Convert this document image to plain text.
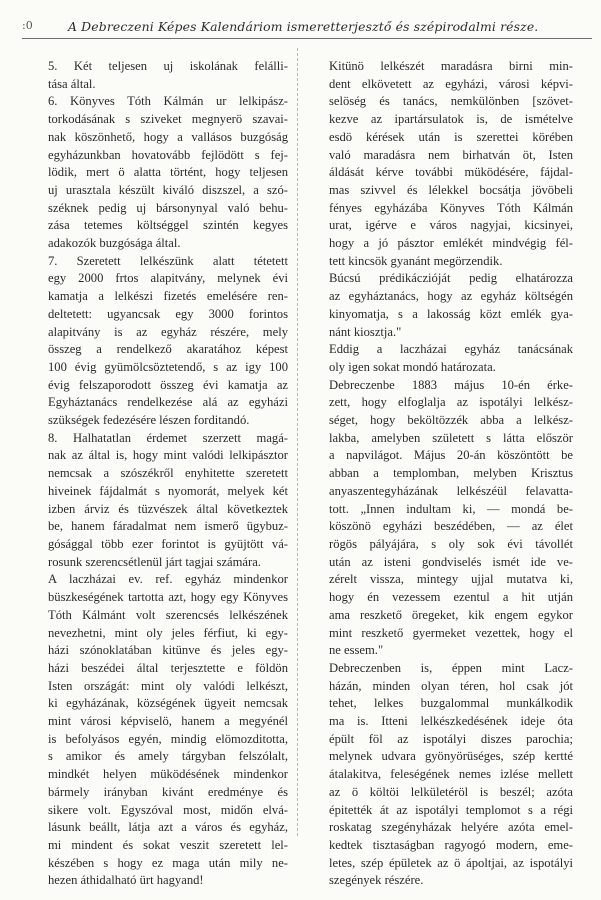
:0	A Debreczeni Képes Kalendáriom ismeretterjesztő és szépirodalmi része.

5. Két teljesen uj iskolának felálli-
tása által.

6. Könyves Tóth Kálmán ur lelkipász-
torkodásának s sziveket megnyerö szavai-
nak köszönhető, hogy a vallásos buzgóság
egyházunkban hovatovább fejlödött s fej-
lödik, mert ö alatta történt, hogy teljesen
uj urasztala készült kiváló diszszel, a szó-
széknek pedig uj bársonynyal való behu-
zása tetemes költséggel szintén kegyes
adakozók buzgósága által.

7. Szeretett lelkészünk alatt tétetett
egy 2000 frtos alapitvány, melynek évi
kamatja a lelkészi fizetés emelésére ren-
deltetett: ugyancsak egy 3000 forintos
alapitvány is az egyház részére, mely
összeg a rendelkező akaratához képest
100 évig gyümölcsöztetendő, s az igy 100
évig felszaporodott összeg évi kamatja az
Egyháztanács rendelkezése alá az egyházi
szükségek fedezésére lészen forditandó.

8. Halhatatlan érdemet szerzett magá-
nak az által is, hogy mint valódi lelkipásztor
nemcsak a szószékről enyhitette szeretett
hiveinek fájdalmát s nyomorát, melyek két
izben árviz és tüzvészek által következtek
be, hanem fáradalmat nem ismerő ügybuz-
gósággal több ezer forintot is gyüjtött vá-
rosunk szerencsétlenül járt tagjai számára.

A laczházai ev. ref. egyház mindenkor
büszkeségének tartotta azt, hogy egy Könyves
Tóth Kálmánt volt szerencsés lelkészének
nevezhetni, mint oly jeles férfiut, ki egy-
házi szónoklatában kitünve és jeles egy-
házi beszédei által terjesztette e földön
Isten országát: mint oly valódi lelkészt,
ki egyházának, községének ügyeit nemcsak
mint városi képviselö, hanem a megyénél
is befolyásos egyén, mindig elömozditotta,
s amikor és amely tárgyban felszólalt,
mindkét helyen müködésének mindenkor
bármely irányban kivánt eredménye és
sikere volt. Egyszóval most, midőn elvá-
lásunk beállt, látja azt a város és egyház,
mi mindent és sokat veszit szeretett lel-
készében s hogy ez maga után mily ne-
hezen áthidalható ürt hagyand!

Kitünö lelkészét maradásra birni min-
dent elkövetett az egyházi, városi képvi-
selöség és tanács, nemkülönben [szövet-
kezve az ipartársulatok is, de ismételve
esdö kérések után is szerettei körében
való maradásra nem birhatván öt, Isten
áldását kérve további müködésére, fájdal-
mas szivvel és lélekkel bocsátja jövöbeli
fényes egyházába Könyves Tóth Kálmán
urat, igérve e város nagyjai, kicsinyei,
hogy a jó pásztor emlékét mindvégig fél-
tett kincsök gyanánt megörzendik.

Búcsú prédikáczióját pedig elhatározza
az egyháztanács, hogy az egyház költségén
kinyomatja, s a lakosság közt emlék gya-
nánt kiosztja."

Eddig a laczházai egyház tanácsának
oly igen sokat mondó határozata.

Debreczenbe 1883 május 10-én érke-
zett, hogy elfoglalja az ispotályi lelkész-
séget, hogy beköltözzék abba a lelkész-
lakba, amelyben született s látta először
a napvilágot. Május 20-án köszöntött be
abban a templomban, melyben Krisztus
anyaszentegyházának lelkészéül felavatta-
tott. „Innen indultam ki, — mondá be-
köszönö egyházi beszédében, — az élet
rögös pályájára, s oly sok évi távollét
után az isteni gondviselés ismét ide ve-
zérelt vissza, mintegy ujjal mutatva ki,
hogy én vezessem ezentul a hit utján
ama reszkető öregeket, kik engem egykor
mint reszkető gyermeket vezettek, hogy el
ne essem."

Debreczenben is, éppen mint Lacz-
házán, minden olyan téren, hol csak jót
tehet, lelkes buzgalommal munkálkodik
ma is. Itteni lelkészkedésének ideje óta
épült föl az ispotályi diszes parochia;
melynek udvara gyönyörüséges, szép kertté
átalakitva, feleségének nemes izlése mellett
az ö költöi lelkületéröl is beszél; azóta
épitették át az ispotályi templomot s a régi
roskatag szegényházak helyére azóta emel-
kedtek tisztaságban ragyogó modern, eme-
letes, szép épületek az ö ápoltjai, az ispotályi
szegények részére.
